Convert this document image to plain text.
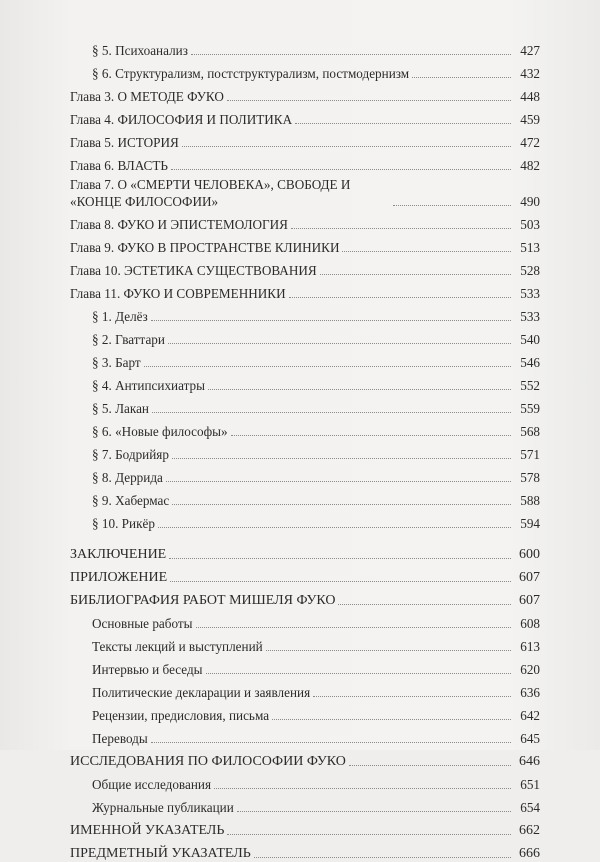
§ 5. Психоанализ	427
§ 6. Структурализм, постструктурализм, постмодернизм	432
Глава 3. О МЕТОДЕ ФУКО	448
Глава 4. ФИЛОСОФИЯ И ПОЛИТИКА	459
Глава 5. ИСТОРИЯ	472
Глава 6. ВЛАСТЬ	482
Глава 7. О «СМЕРТИ ЧЕЛОВЕКА», СВОБОДЕ И «КОНЦЕ ФИЛОСОФИИ»	490
Глава 8. ФУКО И ЭПИСТЕМОЛОГИЯ	503
Глава 9. ФУКО В ПРОСТРАНСТВЕ КЛИНИКИ	513
Глава 10. ЭСТЕТИКА СУЩЕСТВОВАНИЯ	528
Глава 11. ФУКО И СОВРЕМЕННИКИ	533
§ 1. Делёз	533
§ 2. Гваттари	540
§ 3. Барт	546
§ 4. Антипсихиатры	552
§ 5. Лакан	559
§ 6. «Новые философы»	568
§ 7. Бодрийяр	571
§ 8. Деррида	578
§ 9. Хабермас	588
§ 10. Рикёр	594
ЗАКЛЮЧЕНИЕ	600
ПРИЛОЖЕНИЕ	607
БИБЛИОГРАФИЯ РАБОТ МИШЕЛЯ ФУКО	607
Основные работы	608
Тексты лекций и выступлений	613
Интервью и беседы	620
Политические декларации и заявления	636
Рецензии, предисловия, письма	642
Переводы	645
ИССЛЕДОВАНИЯ ПО ФИЛОСОФИИ ФУКО	646
Общие исследования	651
Журнальные публикации	654
ИМЕННОЙ УКАЗАТЕЛЬ	662
ПРЕДМЕТНЫЙ УКАЗАТЕЛЬ	666
